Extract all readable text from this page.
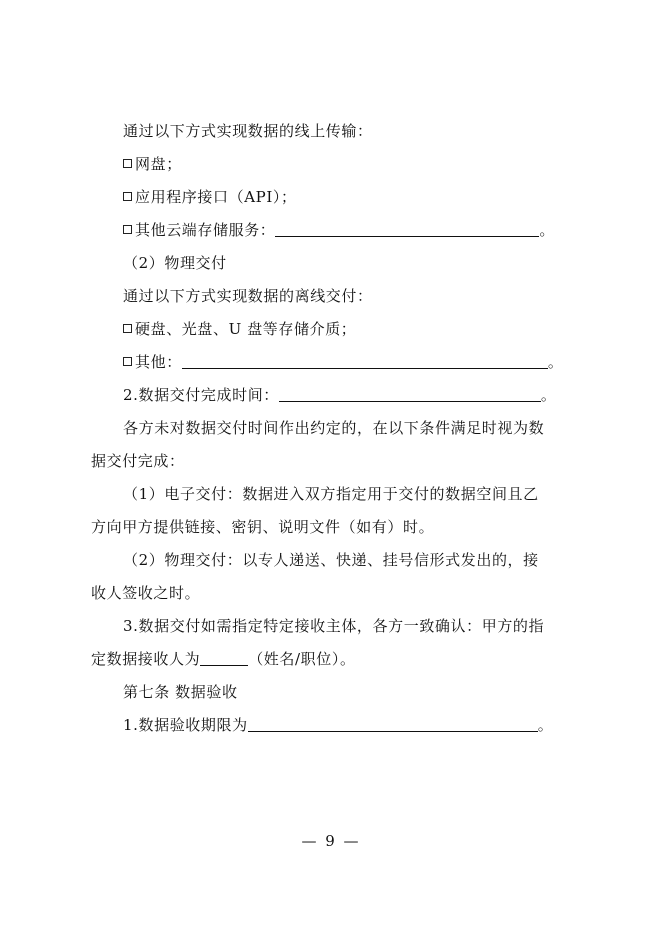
通过以下方式实现数据的线上传输：
网盘；
应用程序接口（API）；
其他云端存储服务：	。
（2）物理交付
通过以下方式实现数据的离线交付：
硬盘、光盘、U 盘等存储介质；
其他：	。
2.数据交付完成时间：	。
各方未对数据交付时间作出约定的，在以下条件满足时视为数
据交付完成：
（1）电子交付：数据进入双方指定用于交付的数据空间且乙
方向甲方提供链接、密钥、说明文件（如有）时。
（2）物理交付：以专人递送、快递、挂号信形式发出的，接
收人签收之时。
3.数据交付如需指定特定接收主体，各方一致确认：甲方的指
定数据接收人为	（姓名/职位）。
第七条 数据验收
1.数据验收期限为	。
— 9 —
